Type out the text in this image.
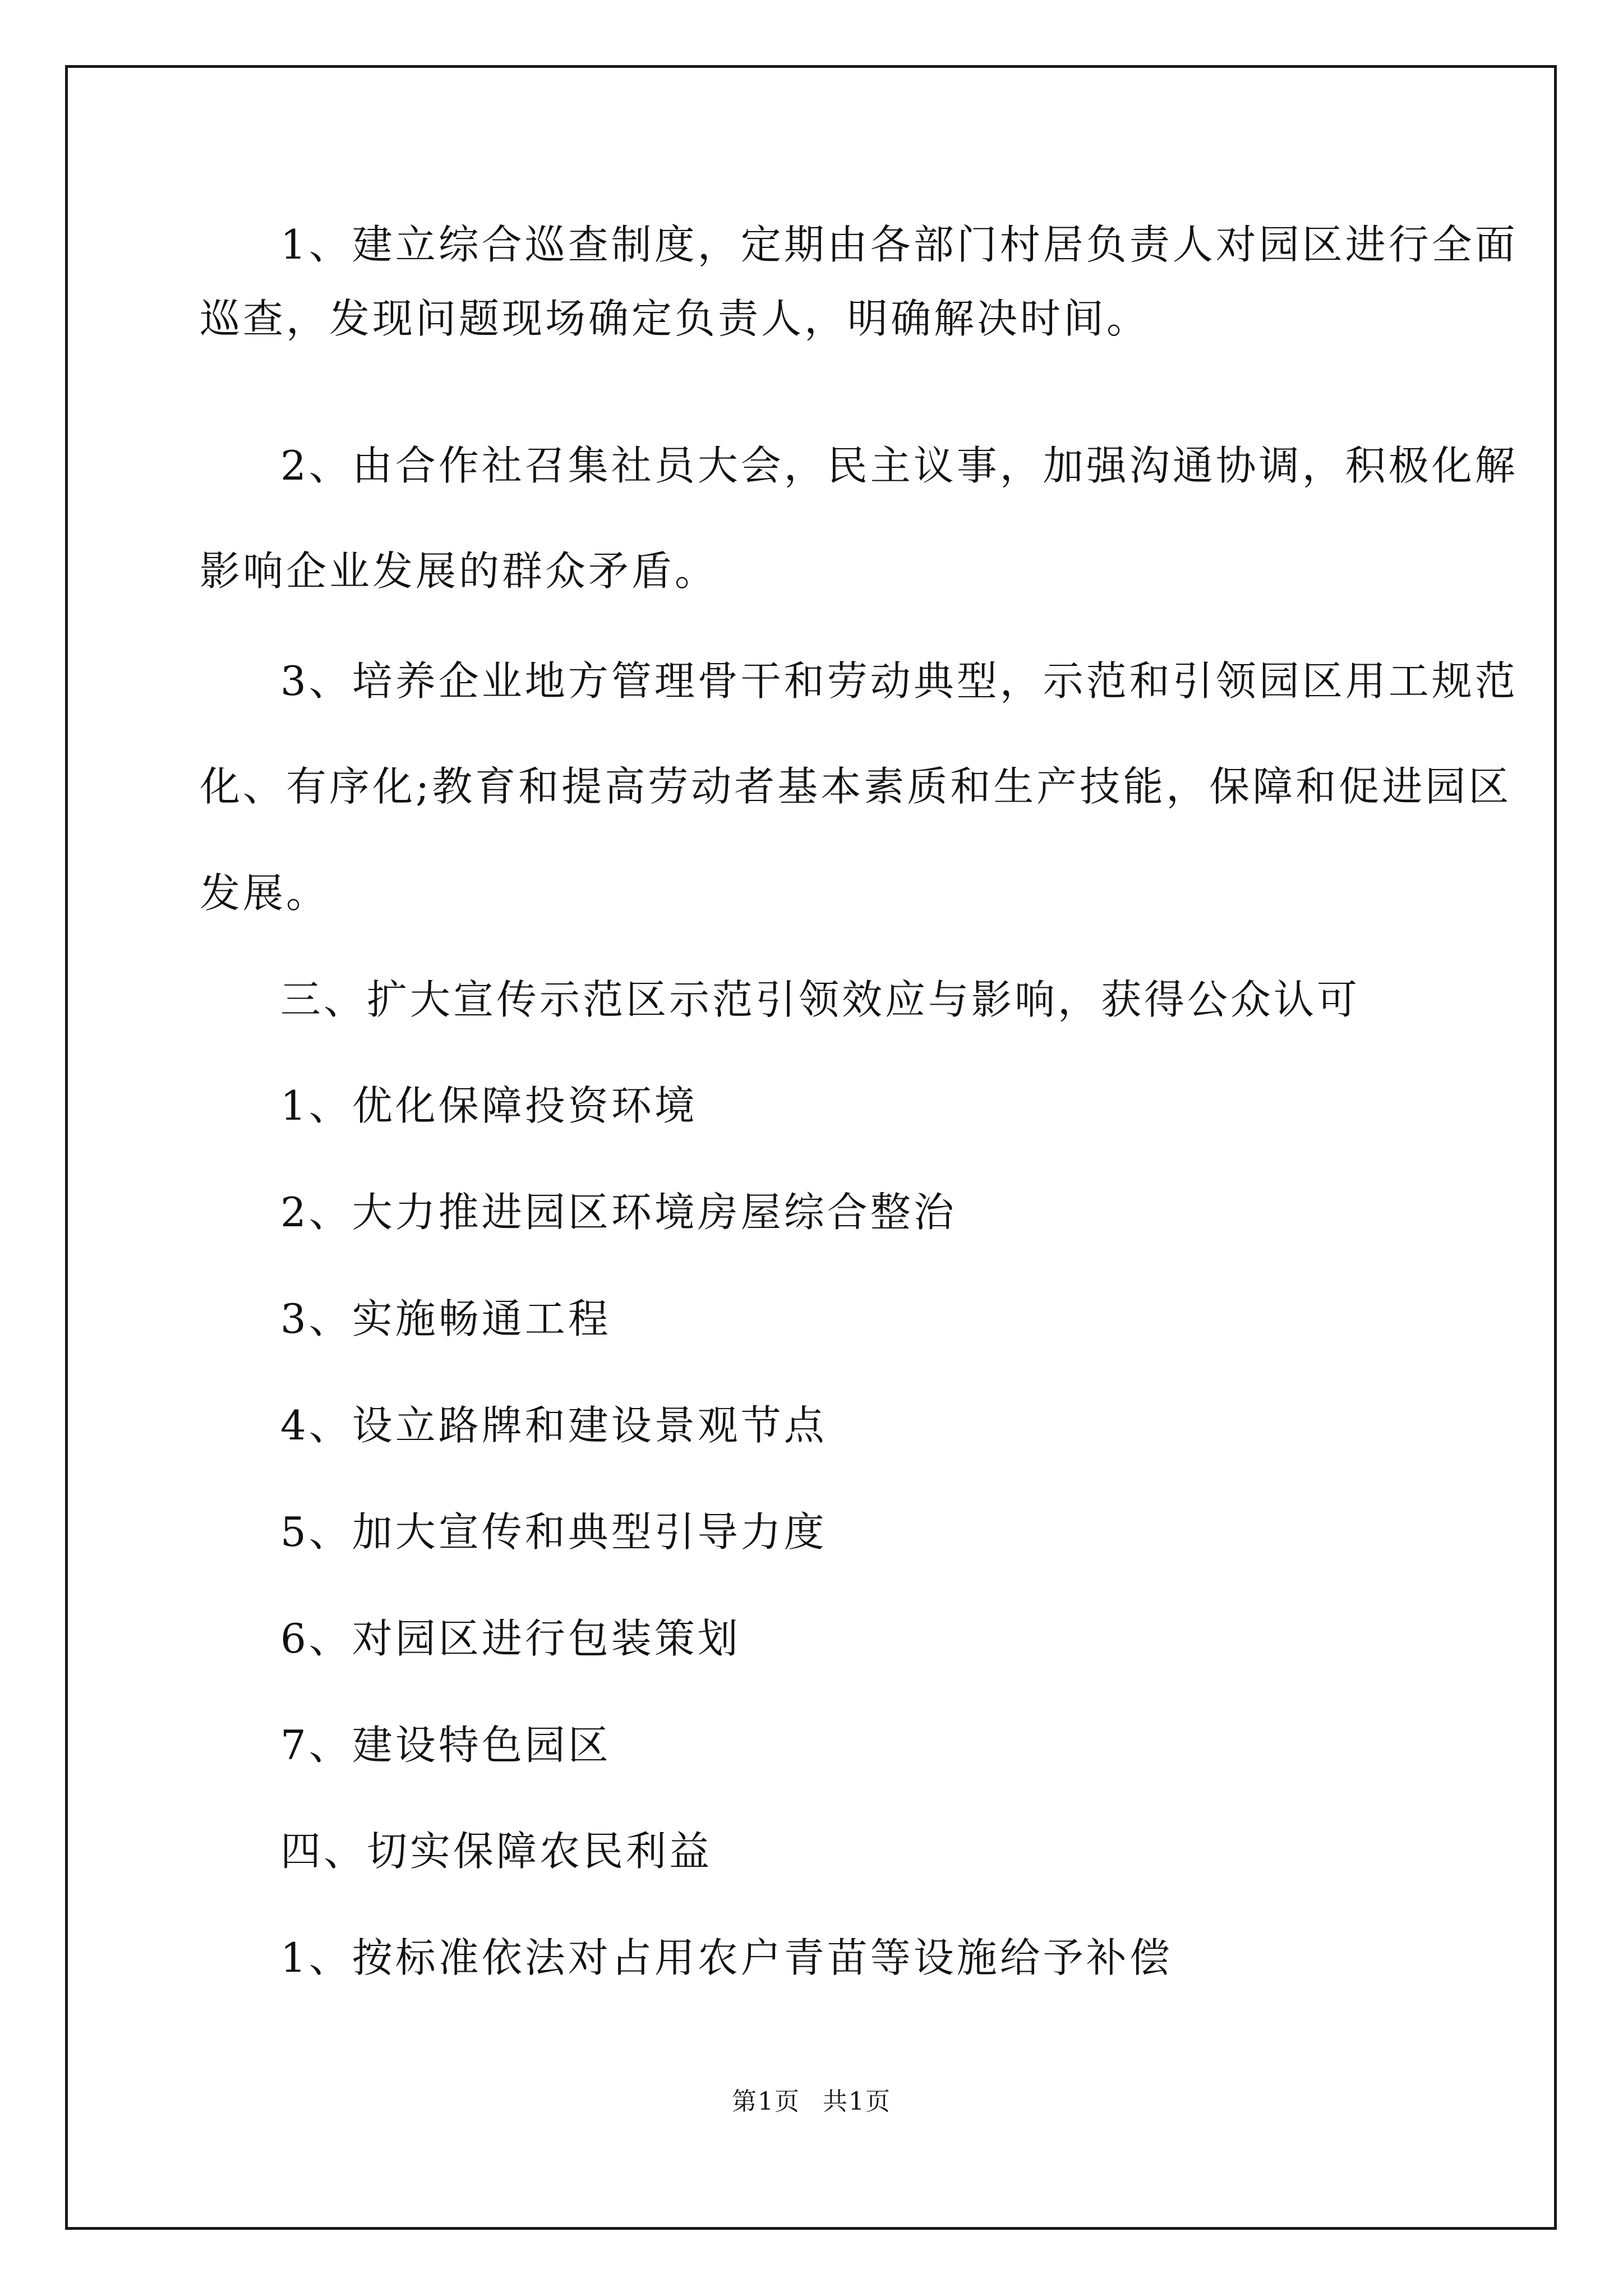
1、建立综合巡查制度，定期由各部门村居负责人对园区进行全面

巡查，发现问题现场确定负责人，明确解决时间。

2、由合作社召集社员大会，民主议事，加强沟通协调，积极化解

影响企业发展的群众矛盾。

3、培养企业地方管理骨干和劳动典型，示范和引领园区用工规范

化、有序化;教育和提高劳动者基本素质和生产技能，保障和促进园区

发展。

三、扩大宣传示范区示范引领效应与影响，获得公众认可

1、优化保障投资环境

2、大力推进园区环境房屋综合整治

3、实施畅通工程

4、设立路牌和建设景观节点

5、加大宣传和典型引导力度

6、对园区进行包装策划

7、建设特色园区

四、切实保障农民利益

1、按标准依法对占用农户青苗等设施给予补偿

第1页 共1页
